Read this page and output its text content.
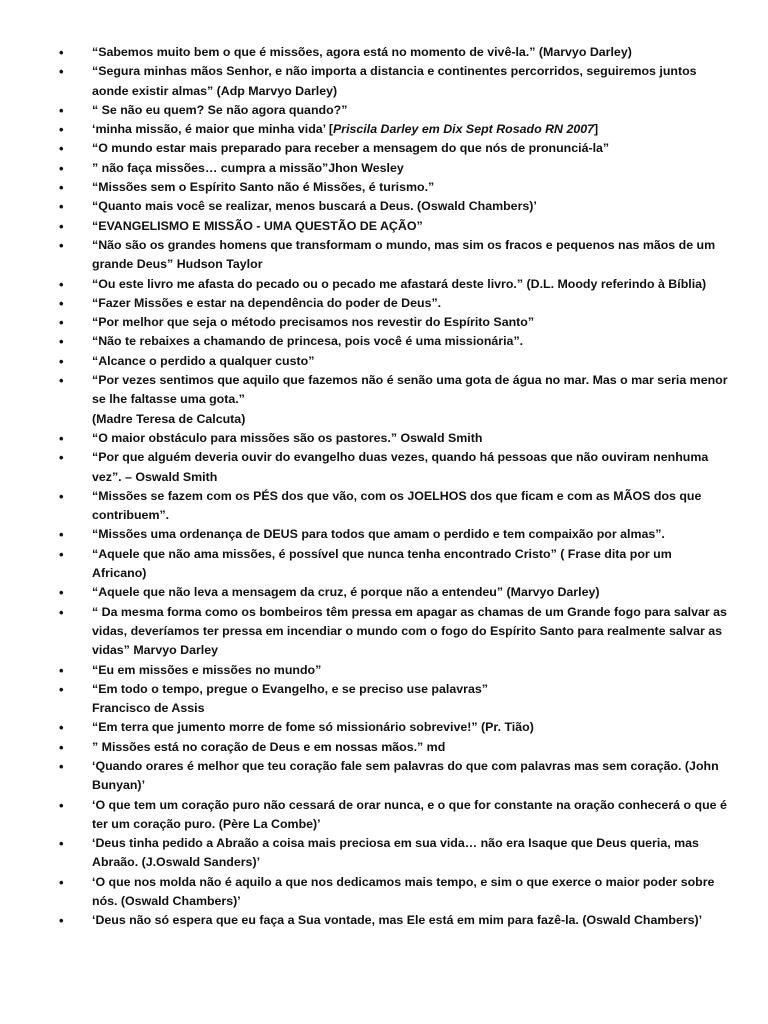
•	“Sabemos muito bem o que é missões, agora está no momento de vivê-la.” (Marvyo Darley)
•	“Segura minhas mãos Senhor, e não importa a distancia e continentes percorridos, seguiremos juntos aonde existir almas” (Adp Marvyo Darley)
•	“ Se não eu quem? Se não agora quando?”
•	‘minha missão, é maior que minha vida’ [Priscila Darley em Dix Sept Rosado RN 2007]
•	“O mundo estar mais preparado para receber a mensagem do que nós de pronunciá-la”
•	” não faça missões… cumpra a missão”Jhon Wesley
•	“Missões sem o Espírito Santo não é Missões, é turismo.”
•	“Quanto mais você se realizar, menos buscará a Deus. (Oswald Chambers)’
•	“EVANGELISMO E MISSÃO - UMA QUESTÃO DE AÇÃO”
•	“Não são os grandes homens que transformam o mundo, mas sim os fracos e pequenos nas mãos de um grande Deus” Hudson Taylor
•	“Ou este livro me afasta do pecado ou o pecado me afastará deste livro.” (D.L. Moody referindo à Bíblia)
•	“Fazer Missões e estar na dependência do poder de Deus”.
•	“Por melhor que seja o método precisamos nos revestir do Espírito Santo”
•	“Não te rebaixes a chamando de princesa, pois você é uma missionária”.
•	“Alcance o perdido a qualquer custo”
•	“Por vezes sentimos que aquilo que fazemos não é senão uma gota de água no mar. Mas o mar seria menor se lhe faltasse uma gota.”
(Madre Teresa de Calcuta)
•	“O maior obstáculo para missões são os pastores.” Oswald Smith
•	“Por que alguém deveria ouvir do evangelho duas vezes, quando há pessoas que não ouviram nenhuma vez”. – Oswald Smith
•	“Missões se fazem com os PÉS dos que vão, com os JOELHOS dos que ficam e com as MÃOS dos que contribuem”.
•	“Missões uma ordenança de DEUS para todos que amam o perdido e tem compaixão por almas”.
•	“Aquele que não ama missões, é possível que nunca tenha encontrado Cristo” ( Frase dita por um Africano)
•	“Aquele que não leva a mensagem da cruz, é porque não a entendeu” (Marvyo Darley)
•	“ Da mesma forma como os bombeiros têm pressa em apagar as chamas de um Grande fogo para salvar as vidas, deveríamos ter pressa em incendiar o mundo com o fogo do Espírito Santo para realmente salvar as vidas” Marvyo Darley
•	“Eu em missões e missões no mundo”
•	“Em todo o tempo, pregue o Evangelho, e se preciso use palavras”
Francisco de Assis
•	“Em terra que jumento morre de fome só missionário sobrevive!” (Pr. Tião)
•	” Missões está no coração de Deus e em nossas mãos.” md
•	‘Quando orares é melhor que teu coração fale sem palavras do que com palavras mas sem coração. (John Bunyan)’
•	‘O que tem um coração puro não cessará de orar nunca, e o que for constante na oração conhecerá o que é ter um coração puro. (Père La Combe)’
•	‘Deus tinha pedido a Abraão a coisa mais preciosa em sua vida… não era Isaque que Deus queria, mas Abraão. (J.Oswald Sanders)’
•	‘O que nos molda não é aquilo a que nos dedicamos mais tempo, e sim o que exerce o maior poder sobre nós. (Oswald Chambers)’
•	‘Deus não só espera que eu faça a Sua vontade, mas Ele está em mim para fazê-la. (Oswald Chambers)’
